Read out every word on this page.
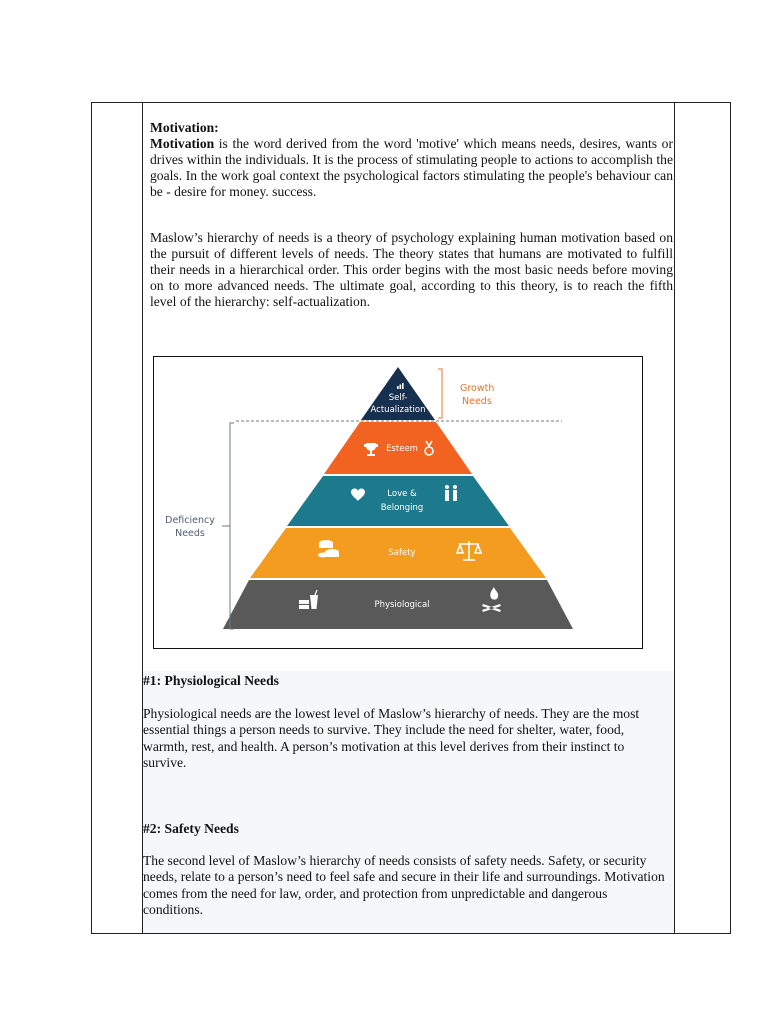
Motivation:
Motivation is the word derived from the word 'motive' which means needs, desires, wants or drives within the individuals. It is the process of stimulating people to actions to accomplish the goals. In the work goal context the psychological factors stimulating the people's behaviour can be - desire for money. success.

Maslow’s hierarchy of needs is a theory of psychology explaining human motivation based on the pursuit of different levels of needs. The theory states that humans are motivated to fulfill their needs in a hierarchical order. This order begins with the most basic needs before moving on to more advanced needs. The ultimate goal, according to this theory, is to reach the fifth level of the hierarchy: self-actualization.

Self-
Actualization
Esteem
Love &
Belonging
Safety
Physiological
Growth
Needs
Deficiency
Needs

#1: Physiological Needs

Physiological needs are the lowest level of Maslow’s hierarchy of needs. They are the most essential things a person needs to survive. They include the need for shelter, water, food, warmth, rest, and health. A person’s motivation at this level derives from their instinct to survive.

#2: Safety Needs

The second level of Maslow’s hierarchy of needs consists of safety needs. Safety, or security needs, relate to a person’s need to feel safe and secure in their life and surroundings. Motivation comes from the need for law, order, and protection from unpredictable and dangerous conditions.
